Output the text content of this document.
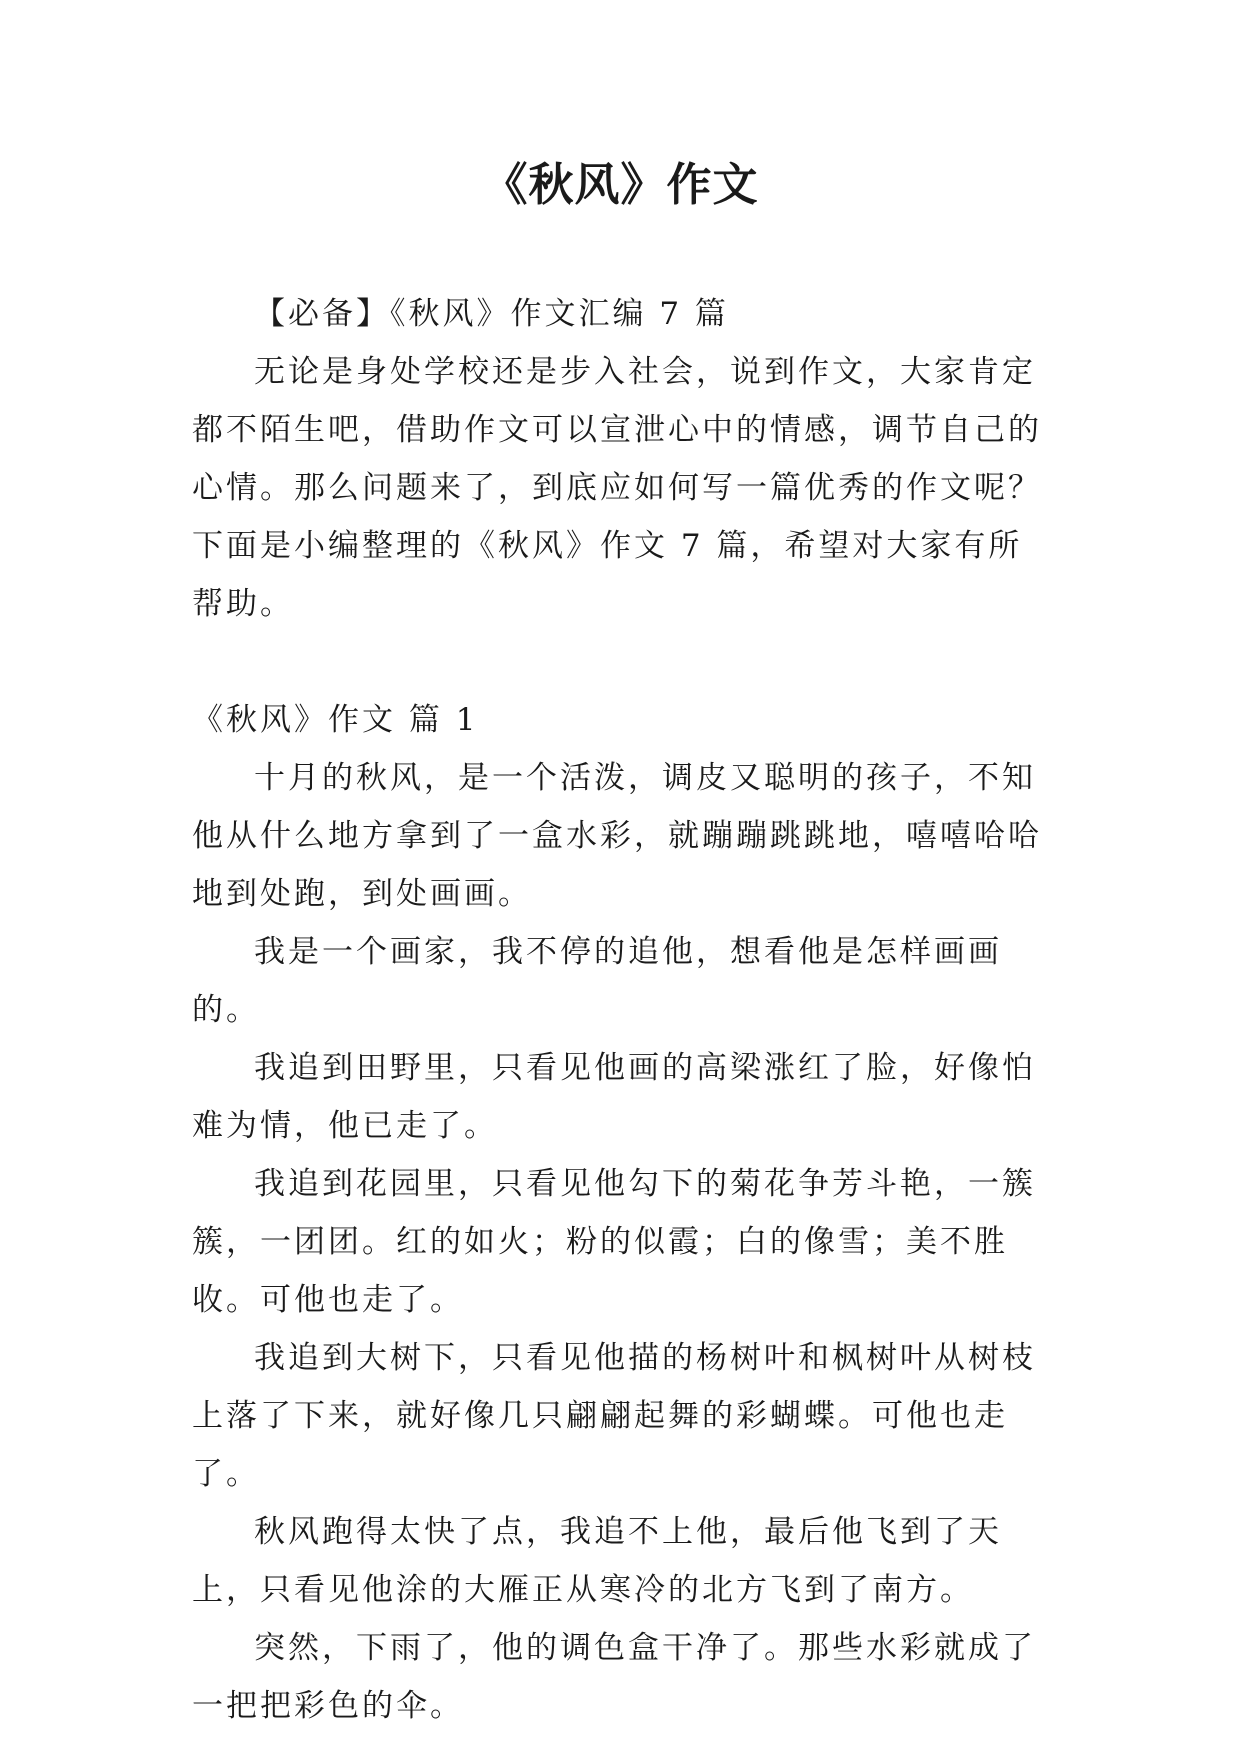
《秋风》作文

【必备】《秋风》作文汇编 7 篇

无论是身处学校还是步入社会，说到作文，大家肯定都不陌生吧，借助作文可以宣泄心中的情感，调节自己的心情。那么问题来了，到底应如何写一篇优秀的作文呢？下面是小编整理的《秋风》作文 7 篇，希望对大家有所帮助。

《秋风》作文 篇 1

十月的秋风，是一个活泼，调皮又聪明的孩子，不知他从什么地方拿到了一盒水彩，就蹦蹦跳跳地，嘻嘻哈哈地到处跑，到处画画。

我是一个画家，我不停的追他，想看他是怎样画画的。

我追到田野里，只看见他画的高梁涨红了脸，好像怕难为情，他已走了。

我追到花园里，只看见他勾下的菊花争芳斗艳，一簇簇，一团团。红的如火；粉的似霞；白的像雪；美不胜收。可他也走了。

我追到大树下，只看见他描的杨树叶和枫树叶从树枝上落了下来，就好像几只翩翩起舞的彩蝴蝶。可他也走了。

秋风跑得太快了点，我追不上他，最后他飞到了天上，只看见他涂的大雁正从寒冷的北方飞到了南方。

突然，下雨了，他的调色盒干净了。那些水彩就成了一把把彩色的伞。
